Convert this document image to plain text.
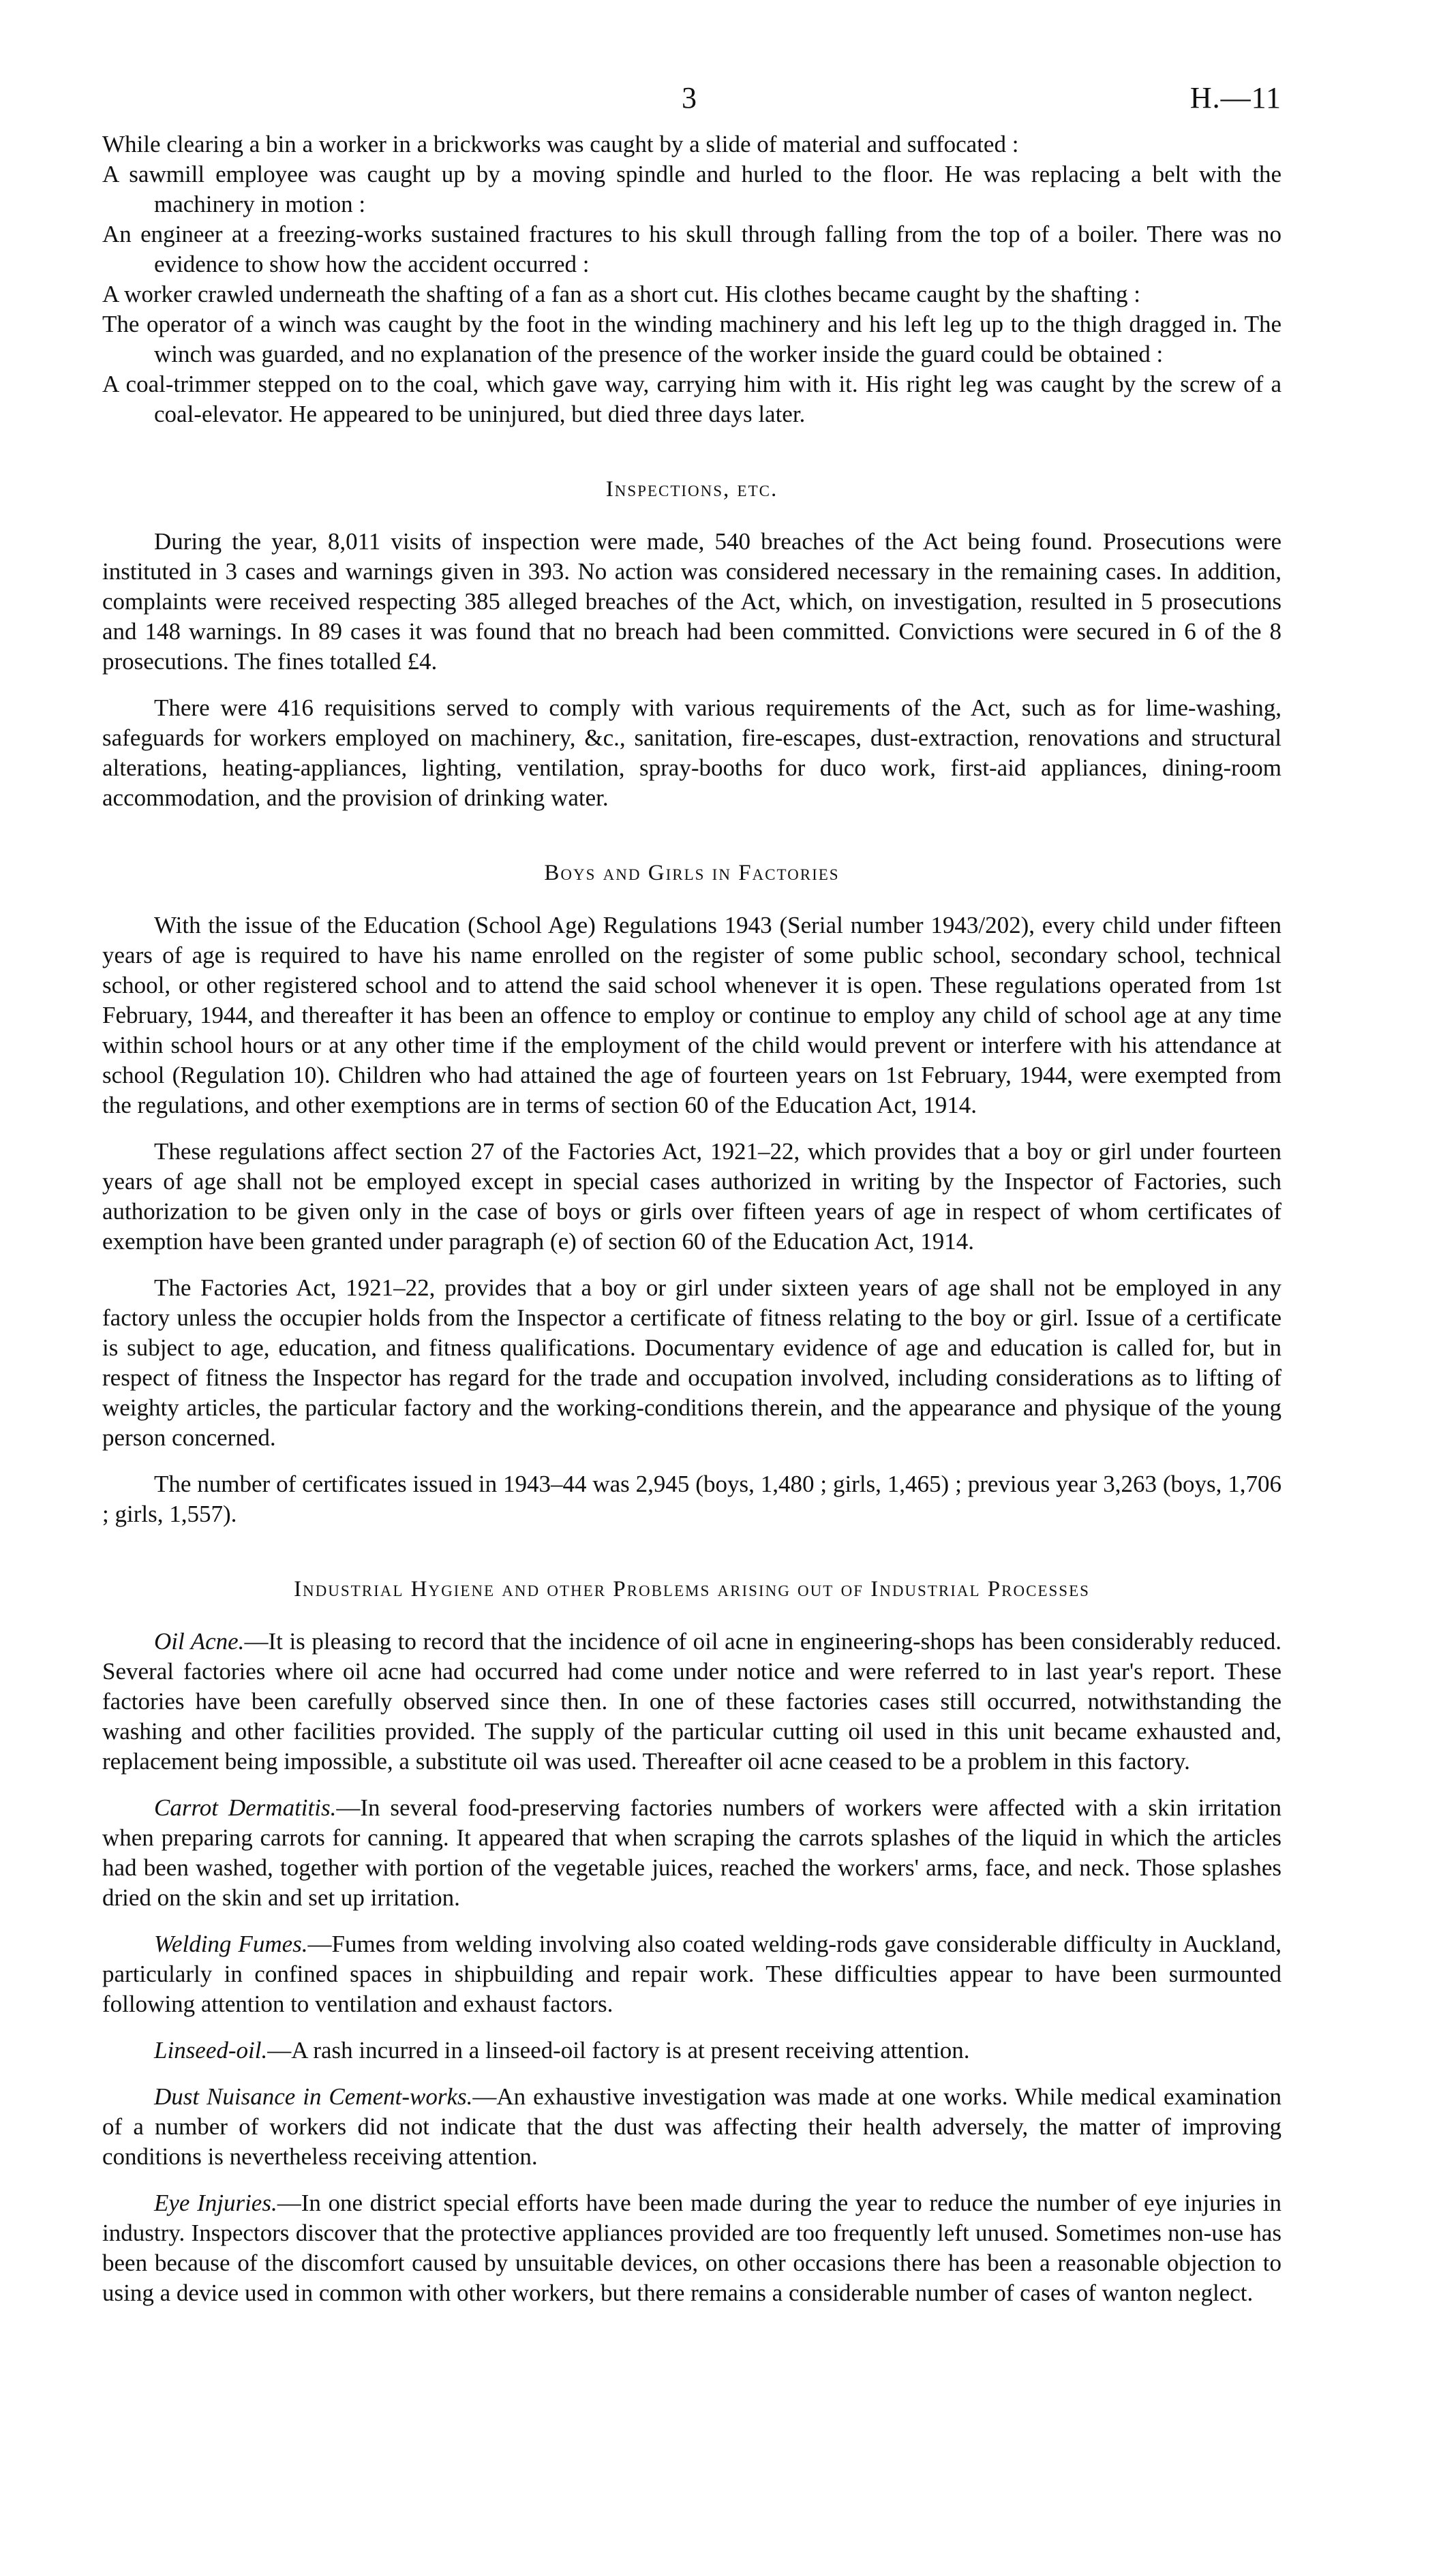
3	H.—11

While clearing a bin a worker in a brickworks was caught by a slide of material and suffocated :

A sawmill employee was caught up by a moving spindle and hurled to the floor. He was replacing a belt with the machinery in motion :

An engineer at a freezing-works sustained fractures to his skull through falling from the top of a boiler. There was no evidence to show how the accident occurred :

A worker crawled underneath the shafting of a fan as a short cut. His clothes became caught by the shafting :

The operator of a winch was caught by the foot in the winding machinery and his left leg up to the thigh dragged in. The winch was guarded, and no explanation of the presence of the worker inside the guard could be obtained :

A coal-trimmer stepped on to the coal, which gave way, carrying him with it. His right leg was caught by the screw of a coal-elevator. He appeared to be uninjured, but died three days later.

Inspections, etc.

During the year, 8,011 visits of inspection were made, 540 breaches of the Act being found. Prosecutions were instituted in 3 cases and warnings given in 393. No action was considered necessary in the remaining cases. In addition, complaints were received respecting 385 alleged breaches of the Act, which, on investigation, resulted in 5 prosecutions and 148 warnings. In 89 cases it was found that no breach had been committed. Convictions were secured in 6 of the 8 prosecutions. The fines totalled £4.

There were 416 requisitions served to comply with various requirements of the Act, such as for lime-washing, safeguards for workers employed on machinery, &c., sanitation, fire-escapes, dust-extraction, renovations and structural alterations, heating-appliances, lighting, ventilation, spray-booths for duco work, first-aid appliances, dining-room accommodation, and the provision of drinking water.

Boys and Girls in Factories

With the issue of the Education (School Age) Regulations 1943 (Serial number 1943/202), every child under fifteen years of age is required to have his name enrolled on the register of some public school, secondary school, technical school, or other registered school and to attend the said school whenever it is open. These regulations operated from 1st February, 1944, and thereafter it has been an offence to employ or continue to employ any child of school age at any time within school hours or at any other time if the employment of the child would prevent or interfere with his attendance at school (Regulation 10). Children who had attained the age of fourteen years on 1st February, 1944, were exempted from the regulations, and other exemptions are in terms of section 60 of the Education Act, 1914.

These regulations affect section 27 of the Factories Act, 1921–22, which provides that a boy or girl under fourteen years of age shall not be employed except in special cases authorized in writing by the Inspector of Factories, such authorization to be given only in the case of boys or girls over fifteen years of age in respect of whom certificates of exemption have been granted under paragraph (e) of section 60 of the Education Act, 1914.

The Factories Act, 1921–22, provides that a boy or girl under sixteen years of age shall not be employed in any factory unless the occupier holds from the Inspector a certificate of fitness relating to the boy or girl. Issue of a certificate is subject to age, education, and fitness qualifications. Documentary evidence of age and education is called for, but in respect of fitness the Inspector has regard for the trade and occupation involved, including considerations as to lifting of weighty articles, the particular factory and the working-conditions therein, and the appearance and physique of the young person concerned.

The number of certificates issued in 1943–44 was 2,945 (boys, 1,480 ; girls, 1,465) ; previous year 3,263 (boys, 1,706 ; girls, 1,557).

Industrial Hygiene and other Problems arising out of Industrial Processes

Oil Acne.—It is pleasing to record that the incidence of oil acne in engineering-shops has been considerably reduced. Several factories where oil acne had occurred had come under notice and were referred to in last year's report. These factories have been carefully observed since then. In one of these factories cases still occurred, notwithstanding the washing and other facilities provided. The supply of the particular cutting oil used in this unit became exhausted and, replacement being impossible, a substitute oil was used. Thereafter oil acne ceased to be a problem in this factory.

Carrot Dermatitis.—In several food-preserving factories numbers of workers were affected with a skin irritation when preparing carrots for canning. It appeared that when scraping the carrots splashes of the liquid in which the articles had been washed, together with portion of the vegetable juices, reached the workers' arms, face, and neck. Those splashes dried on the skin and set up irritation.

Welding Fumes.—Fumes from welding involving also coated welding-rods gave considerable difficulty in Auckland, particularly in confined spaces in shipbuilding and repair work. These difficulties appear to have been surmounted following attention to ventilation and exhaust factors.

Linseed-oil.—A rash incurred in a linseed-oil factory is at present receiving attention.

Dust Nuisance in Cement-works.—An exhaustive investigation was made at one works. While medical examination of a number of workers did not indicate that the dust was affecting their health adversely, the matter of improving conditions is nevertheless receiving attention.

Eye Injuries.—In one district special efforts have been made during the year to reduce the number of eye injuries in industry. Inspectors discover that the protective appliances provided are too frequently left unused. Sometimes non-use has been because of the discomfort caused by unsuitable devices, on other occasions there has been a reasonable objection to using a device used in common with other workers, but there remains a considerable number of cases of wanton neglect.
